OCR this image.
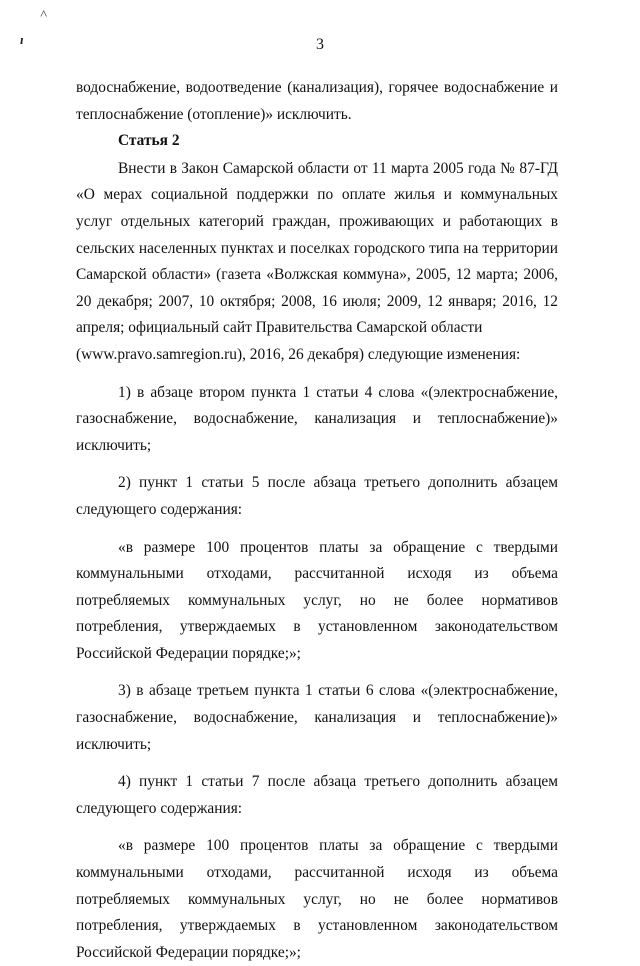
˄
ı	3

водоснабжение, водоотведение (канализация), горячее водоснабжение и теплоснабжение (отопление)» исключить.

Статья 2

Внести в Закон Самарской области от 11 марта 2005 года № 87-ГД «О мерах социальной поддержки по оплате жилья и коммунальных услуг отдельных категорий граждан, проживающих и работающих в сельских населенных пунктах и поселках городского типа на территории Самарской области» (газета «Волжская коммуна», 2005, 12 марта; 2006, 20 декабря; 2007, 10 октября; 2008, 16 июля; 2009, 12 января; 2016, 12 апреля; официальный сайт Правительства Самарской области

(www.pravo.samregion.ru), 2016, 26 декабря) следующие изменения:

1) в абзаце втором пункта 1 статьи 4 слова «(электроснабжение, газоснабжение, водоснабжение, канализация и теплоснабжение)» исключить;

2) пункт 1 статьи 5 после абзаца третьего дополнить абзацем следующего содержания:

«в размере 100 процентов платы за обращение с твердыми коммунальными отходами, рассчитанной исходя из объема потребляемых коммунальных услуг, но не более нормативов потребления, утверждаемых в установленном законодательством Российской Федерации порядке;»;

3) в абзаце третьем пункта 1 статьи 6 слова «(электроснабжение, газоснабжение, водоснабжение, канализация и теплоснабжение)» исключить;

4) пункт 1 статьи 7 после абзаца третьего дополнить абзацем следующего содержания:

«в размере 100 процентов платы за обращение с твердыми коммунальными отходами, рассчитанной исходя из объема потребляемых коммунальных услуг, но не более нормативов потребления, утверждаемых в установленном законодательством Российской Федерации порядке;»;
